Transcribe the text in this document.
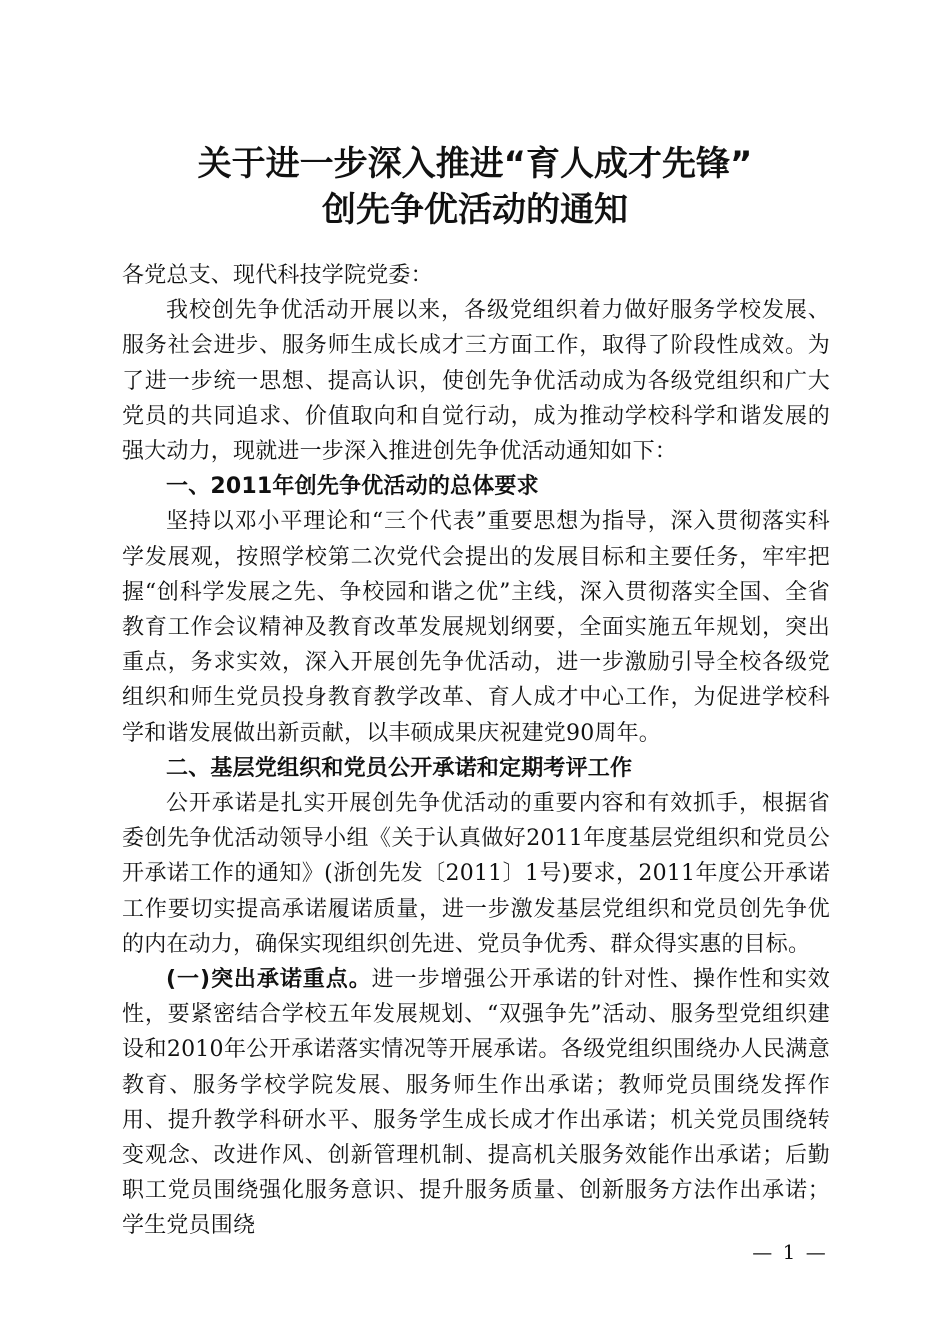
关于进一步深入推进“育人成才先锋”
创先争优活动的通知

各党总支、现代科技学院党委：

我校创先争优活动开展以来，各级党组织着力做好服务学校发展、服务社会进步、服务师生成长成才三方面工作，取得了阶段性成效。为了进一步统一思想、提高认识，使创先争优活动成为各级党组织和广大党员的共同追求、价值取向和自觉行动，成为推动学校科学和谐发展的强大动力，现就进一步深入推进创先争优活动通知如下：

一、2011年创先争优活动的总体要求

坚持以邓小平理论和“三个代表”重要思想为指导，深入贯彻落实科学发展观，按照学校第二次党代会提出的发展目标和主要任务，牢牢把握“创科学发展之先、争校园和谐之优”主线，深入贯彻落实全国、全省教育工作会议精神及教育改革发展规划纲要，全面实施五年规划，突出重点，务求实效，深入开展创先争优活动，进一步激励引导全校各级党组织和师生党员投身教育教学改革、育人成才中心工作，为促进学校科学和谐发展做出新贡献，以丰硕成果庆祝建党90周年。

二、基层党组织和党员公开承诺和定期考评工作

公开承诺是扎实开展创先争优活动的重要内容和有效抓手，根据省委创先争优活动领导小组《关于认真做好2011年度基层党组织和党员公开承诺工作的通知》(浙创先发〔2011〕1号)要求，2011年度公开承诺工作要切实提高承诺履诺质量，进一步激发基层党组织和党员创先争优的内在动力，确保实现组织创先进、党员争优秀、群众得实惠的目标。

(一)突出承诺重点。进一步增强公开承诺的针对性、操作性和实效性，要紧密结合学校五年发展规划、“双强争先”活动、服务型党组织建设和2010年公开承诺落实情况等开展承诺。各级党组织围绕办人民满意教育、服务学校学院发展、服务师生作出承诺；教师党员围绕发挥作用、提升教学科研水平、服务学生成长成才作出承诺；机关党员围绕转变观念、改进作风、创新管理机制、提高机关服务效能作出承诺；后勤职工党员围绕强化服务意识、提升服务质量、创新服务方法作出承诺；学生党员围绕

— 1 —
